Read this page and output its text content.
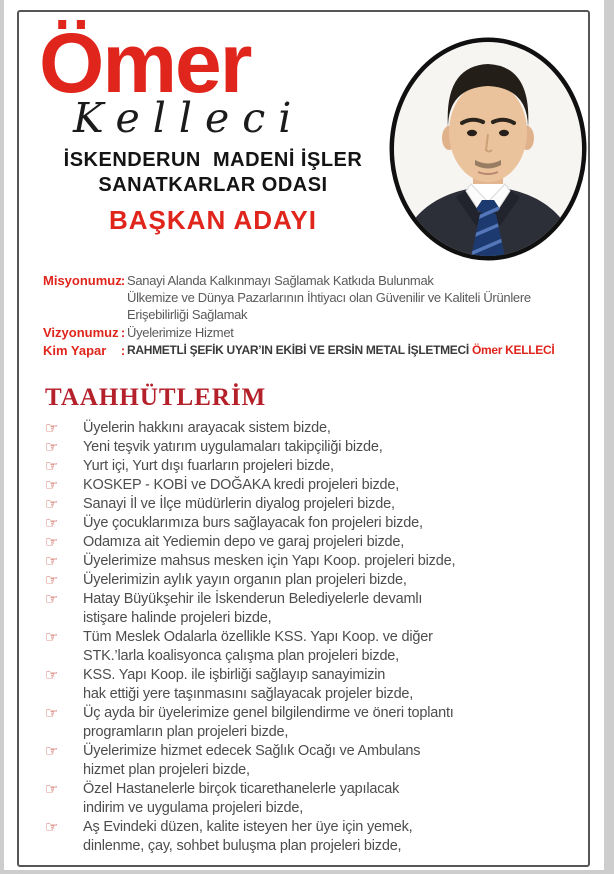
Ömer
Kelleci
İSKENDERUN  MADENİ İŞLER
SANATKARLAR ODASI
BAŞKAN ADAYI
Misyonumuz : Sanayi Alanda Kalkınmayı Sağlamak Katkıda Bulunmak
Ülkemize ve Dünya Pazarlarının İhtiyacı olan Güvenilir ve Kaliteli Ürünlere
Erişebilirliği Sağlamak
Vizyonumuz : Üyelerimize Hizmet
Kim Yapar	: RAHMETLİ ŞEFİK UYAR’IN EKİBİ VE ERSİN METAL İŞLETMECİ Ömer KELLECİ
TAAHHÜTLERİM
☞	Üyelerin hakkını arayacak sistem bizde,
☞	Yeni teşvik yatırım uygulamaları takipçiliği bizde,
☞	Yurt içi, Yurt dışı fuarların projeleri bizde,
☞	KOSKEP - KOBİ ve DOĞAKA kredi projeleri bizde,
☞	Sanayi İl ve İlçe müdürlerin diyalog projeleri bizde,
☞	Üye çocuklarımıza burs sağlayacak fon projeleri bizde,
☞	Odamıza ait Yediemin depo ve garaj projeleri bizde,
☞	Üyelerimize mahsus mesken için Yapı Koop. projeleri bizde,
☞	Üyelerimizin aylık yayın organın plan projeleri bizde,
☞	Hatay Büyükşehir ile İskenderun Belediyelerle devamlı
istişare halinde projeleri bizde,
☞	Tüm Meslek Odalarla özellikle KSS. Yapı Koop. ve diğer
STK.’larla koalisyonca çalışma plan projeleri bizde,
☞	KSS. Yapı Koop. ile işbirliği sağlayıp sanayimizin
hak ettiği yere taşınmasını sağlayacak projeler bizde,
☞	Üç ayda bir üyelerimize genel bilgilendirme ve öneri toplantı
programların plan projeleri bizde,
☞	Üyelerimize hizmet edecek Sağlık Ocağı ve Ambulans
hizmet plan projeleri bizde,
☞	Özel Hastanelerle birçok ticarethanelerle yapılacak
indirim ve uygulama projeleri bizde,
☞	Aş Evindeki düzen, kalite isteyen her üye için yemek,
dinlenme, çay, sohbet buluşma plan projeleri bizde,
